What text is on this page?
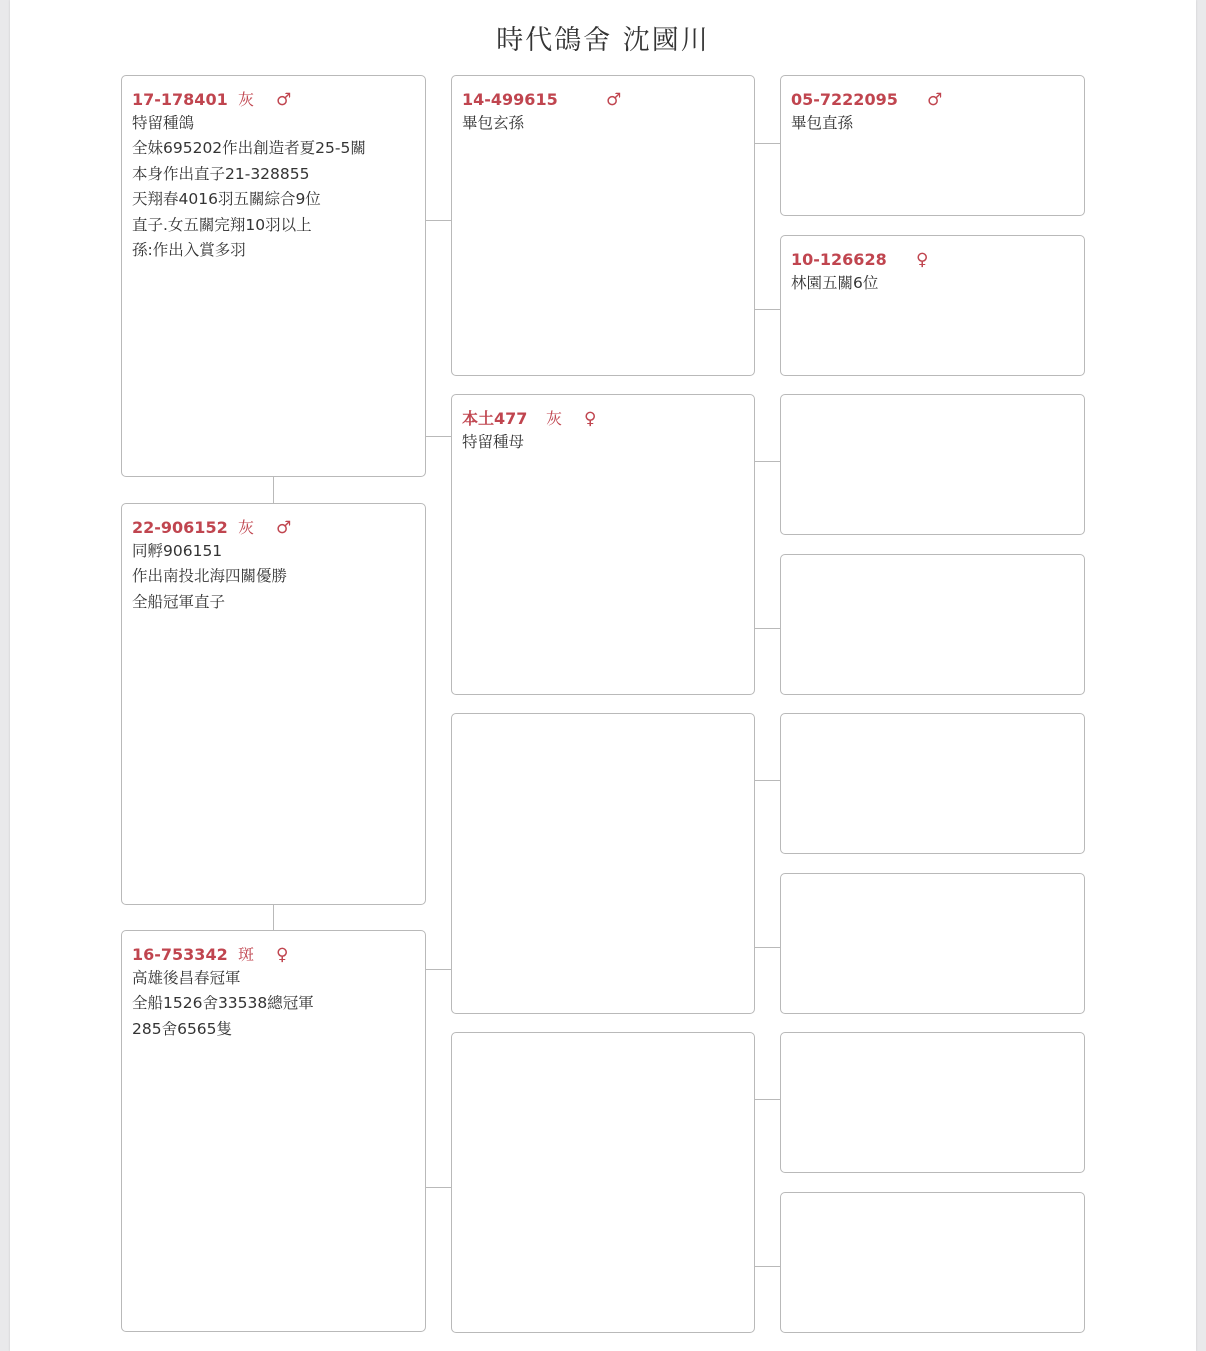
時代鴿舍 沈國川
17-178401 灰 ♂
特留種鴿
全妹695202作出創造者夏25-5關
本身作出直子21-328855
天翔春4016羽五關綜合9位
直子.女五關完翔10羽以上
孫:作出入賞多羽
22-906152 灰 ♂
同孵906151
作出南投北海四關優勝
全船冠軍直子
16-753342 斑 ♀
高雄後昌春冠軍
全船1526舍33538總冠軍
285舍6565隻
14-499615	♂
畢包玄孫
本土477 灰 ♀
特留種母
05-7222095 ♂
畢包直孫
10-126628 ♀
林園五關6位
